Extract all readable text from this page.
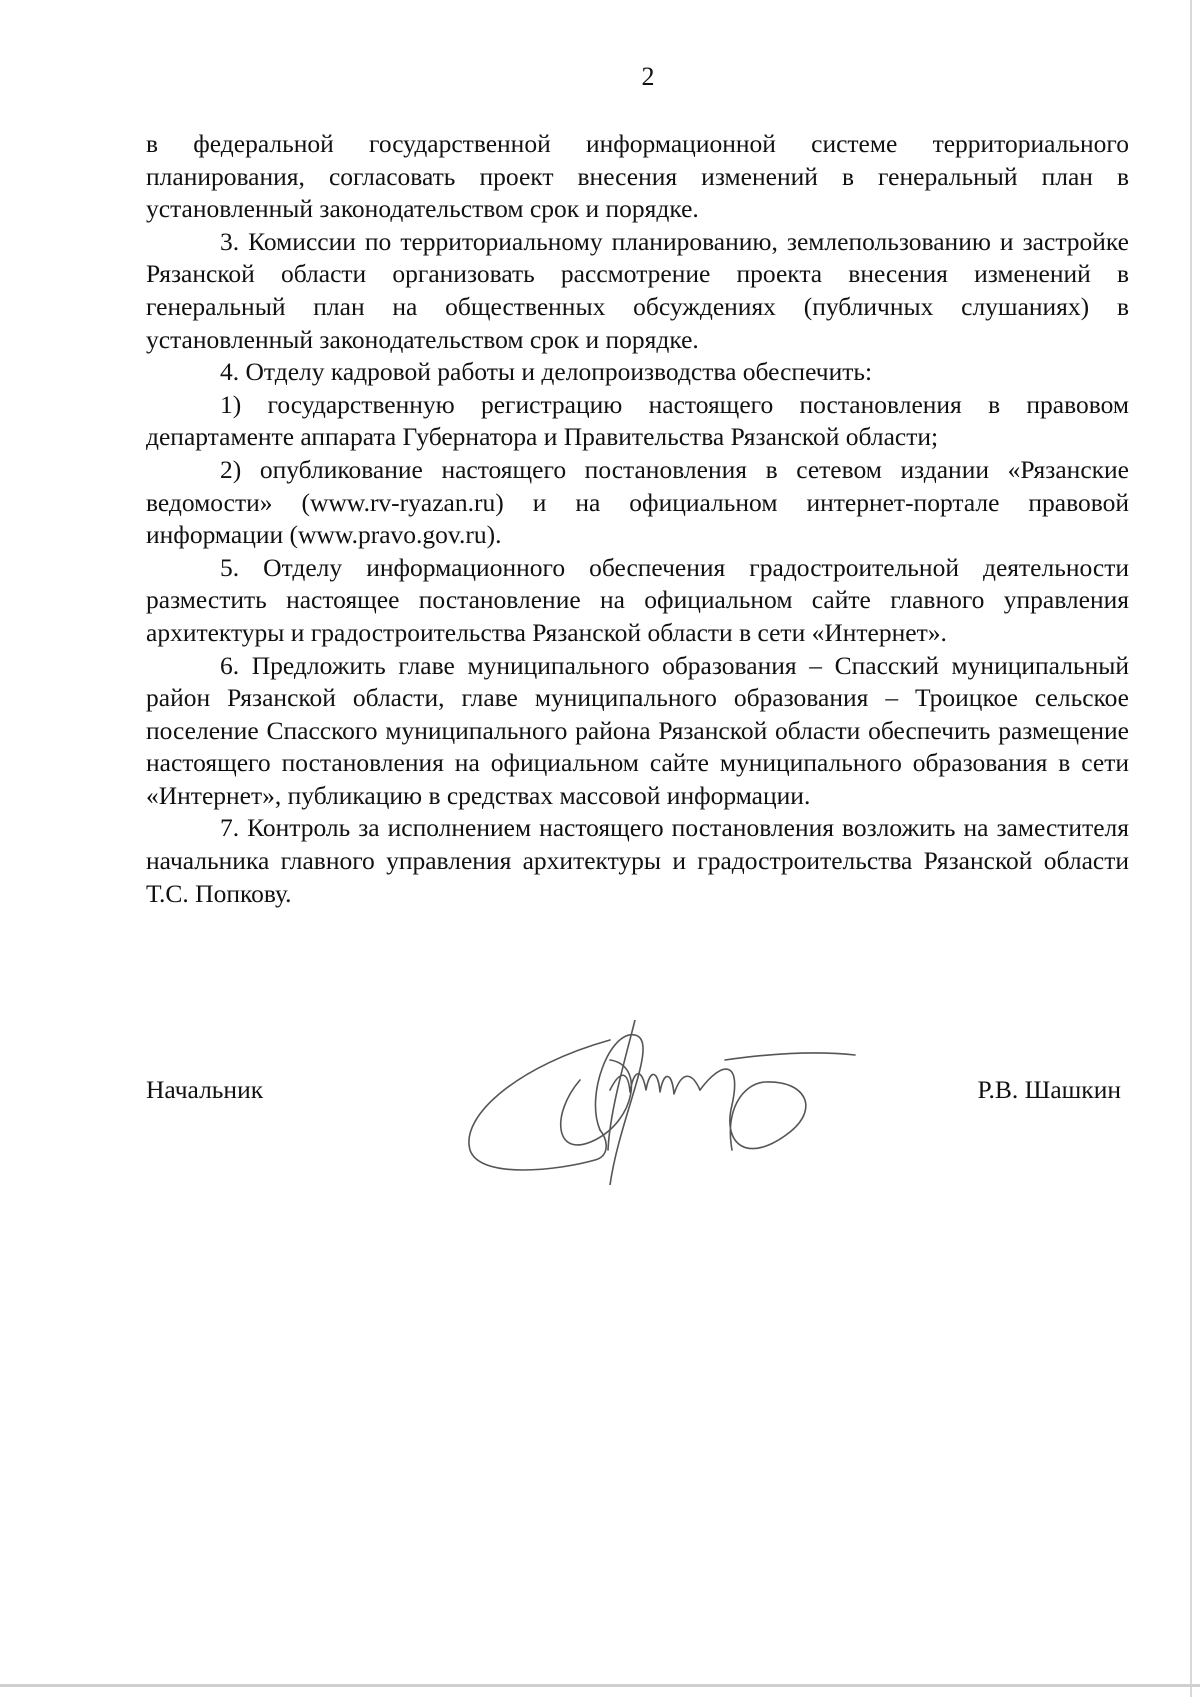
2

в федеральной государственной информационной системе территориального планирования, согласовать проект внесения изменений в генеральный план в установленный законодательством срок и порядке.

3. Комиссии по территориальному планированию, землепользованию и застройке Рязанской области организовать рассмотрение проекта внесения изменений в генеральный план на общественных обсуждениях (публичных слушаниях) в установленный законодательством срок и порядке.

4. Отделу кадровой работы и делопроизводства обеспечить:

1) государственную регистрацию настоящего постановления в правовом департаменте аппарата Губернатора и Правительства Рязанской области;

2) опубликование настоящего постановления в сетевом издании «Рязанские ведомости» (www.rv-ryazan.ru) и на официальном интернет-портале правовой информации (www.pravo.gov.ru).

5. Отделу информационного обеспечения градостроительной деятельности разместить настоящее постановление на официальном сайте главного управления архитектуры и градостроительства Рязанской области в сети «Интернет».

6. Предложить главе муниципального образования – Спасский муниципальный район Рязанской области, главе муниципального образования – Троицкое сельское поселение Спасского муниципального района Рязанской области обеспечить размещение настоящего постановления на официальном сайте муниципального образования в сети «Интернет», публикацию в средствах массовой информации.

7. Контроль за исполнением настоящего постановления возложить на заместителя начальника главного управления архитектуры и градостроительства Рязанской области Т.С. Попкову.

Начальник	Р.В. Шашкин
